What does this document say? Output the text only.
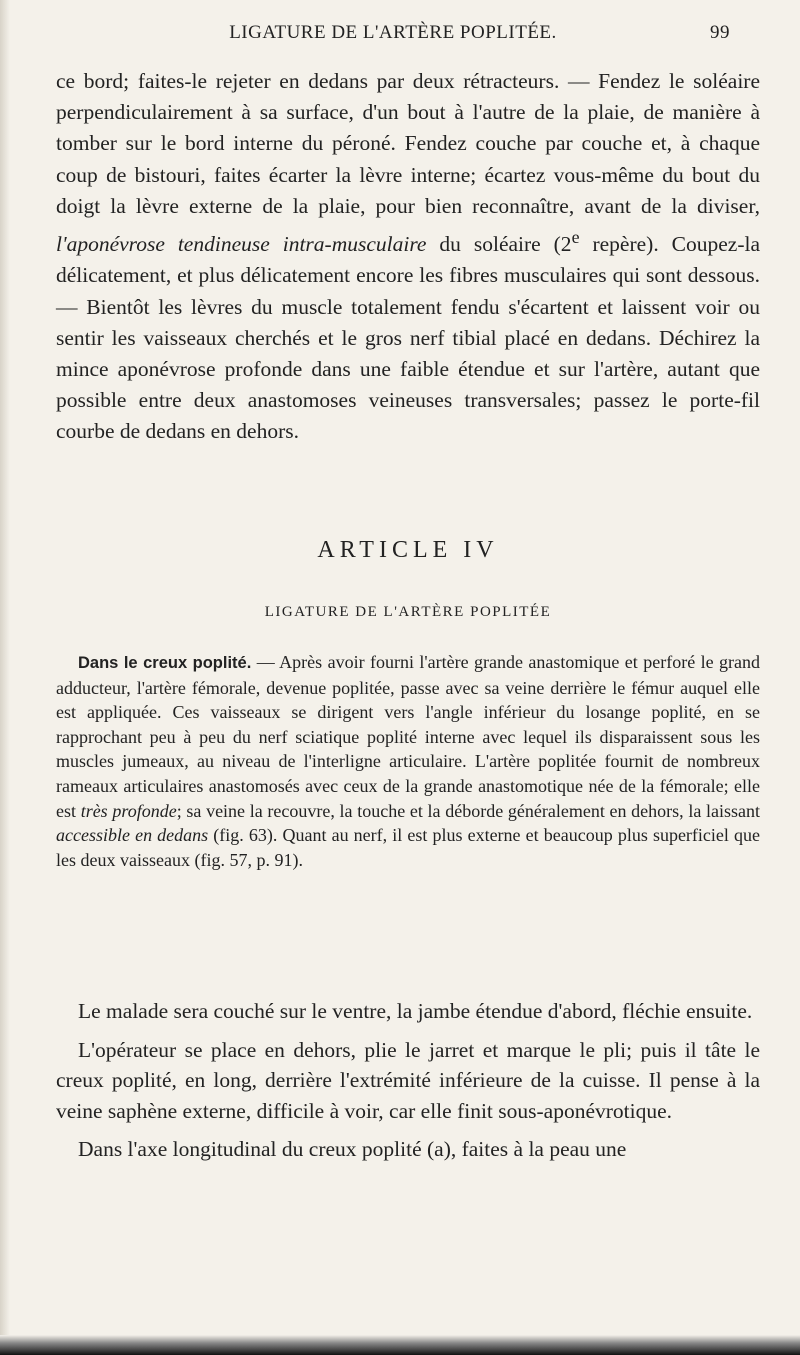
LIGATURE DE L'ARTÈRE POPLITÉE.	99

ce bord; faites-le rejeter en dedans par deux rétracteurs. — Fendez le soléaire perpendiculairement à sa surface, d'un bout à l'autre de la plaie, de manière à tomber sur le bord interne du péroné. Fendez couche par couche et, à chaque coup de bistouri, faites écarter la lèvre interne; écartez vous-même du bout du doigt la lèvre externe de la plaie, pour bien reconnaître, avant de la diviser, l'aponévrose tendineuse intra-musculaire du soléaire (2e repère). Coupez-la délicatement, et plus délicatement encore les fibres musculaires qui sont dessous. — Bientôt les lèvres du muscle totalement fendu s'écartent et laissent voir ou sentir les vaisseaux cherchés et le gros nerf tibial placé en dedans. Déchirez la mince aponévrose profonde dans une faible étendue et sur l'artère, autant que possible entre deux anastomoses veineuses transversales; passez le porte-fil courbe de dedans en dehors.

ARTICLE IV
LIGATURE DE L'ARTÈRE POPLITÉE

Dans le creux poplité. — Après avoir fourni l'artère grande anastomique et perforé le grand adducteur, l'artère fémorale, devenue poplitée, passe avec sa veine derrière le fémur auquel elle est appliquée. Ces vaisseaux se dirigent vers l'angle inférieur du losange poplité, en se rapprochant peu à peu du nerf sciatique poplité interne avec lequel ils disparaissent sous les muscles jumeaux, au niveau de l'interligne articulaire. L'artère poplitée fournit de nombreux rameaux articulaires anastomosés avec ceux de la grande anastomotique née de la fémorale; elle est très profonde; sa veine la recouvre, la touche et la déborde généralement en dehors, la laissant accessible en dedans (fig. 63). Quant au nerf, il est plus externe et beaucoup plus superficiel que les deux vaisseaux (fig. 57, p. 91).

Le malade sera couché sur le ventre, la jambe étendue d'abord, fléchie ensuite.

L'opérateur se place en dehors, plie le jarret et marque le pli; puis il tâte le creux poplité, en long, derrière l'extrémité inférieure de la cuisse. Il pense à la veine saphène externe, difficile à voir, car elle finit sous-aponévrotique.

Dans l'axe longitudinal du creux poplité (a), faites à la peau une
